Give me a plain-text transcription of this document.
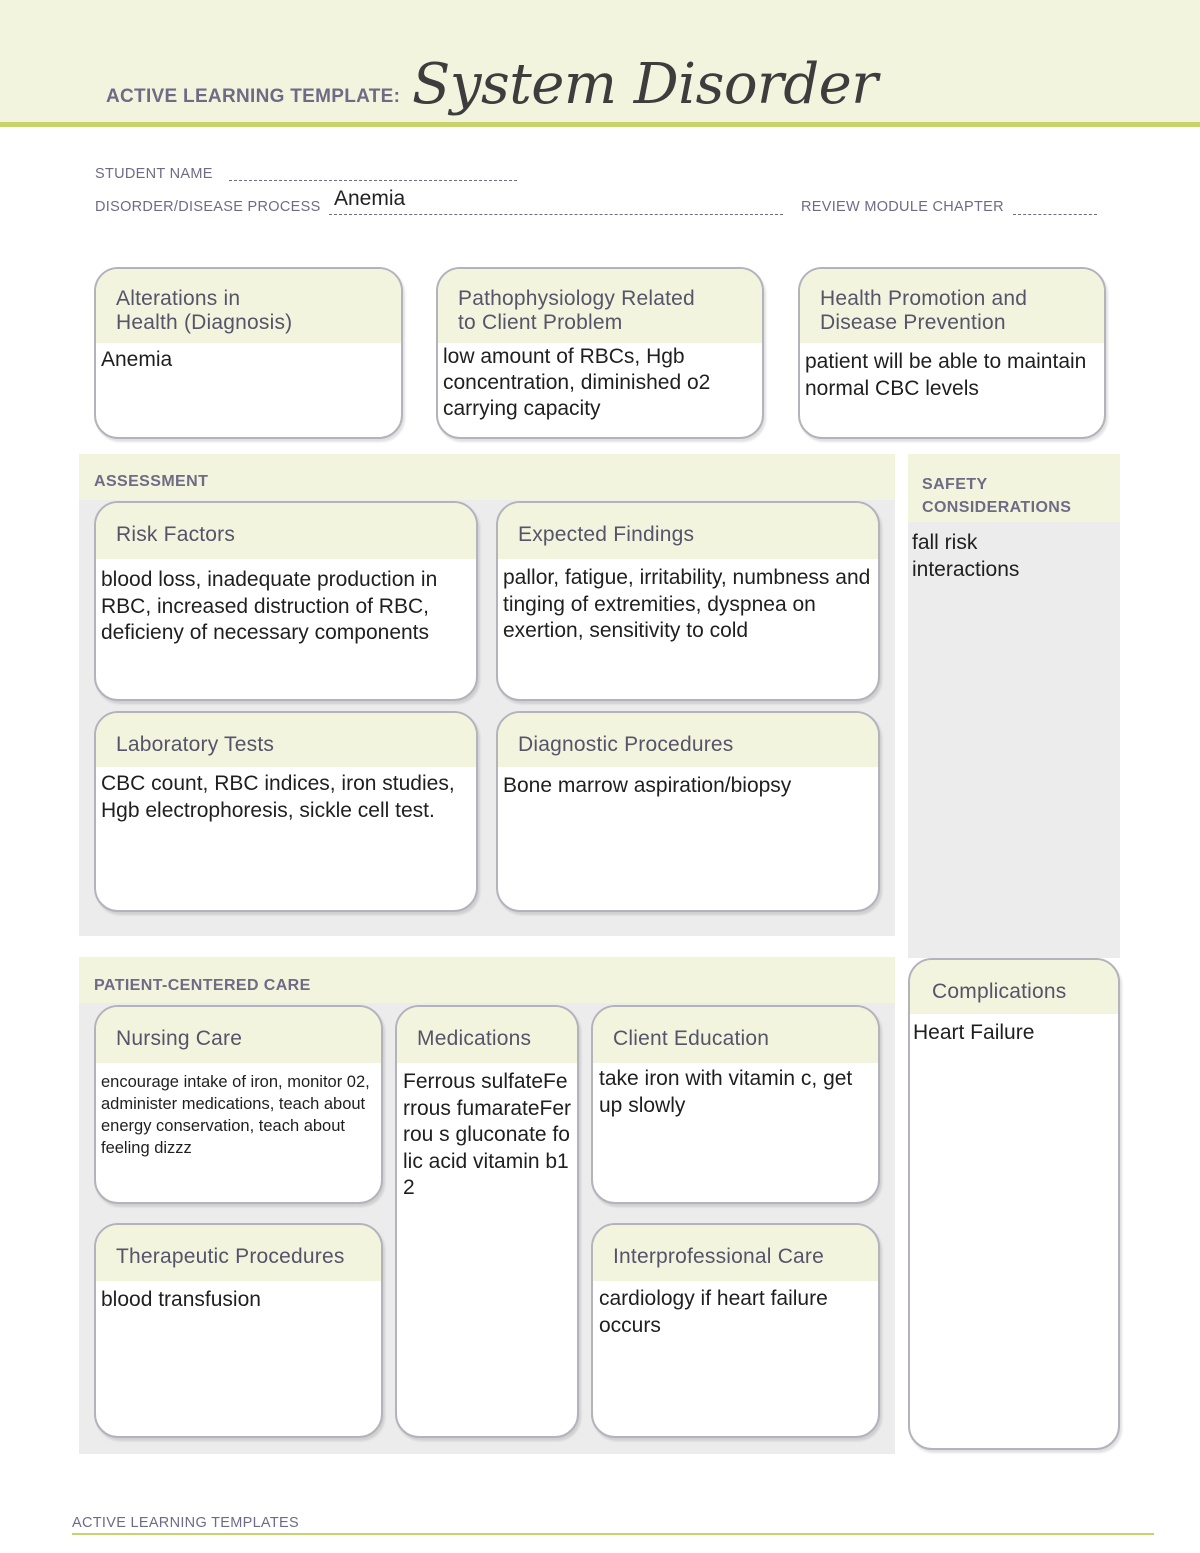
ACTIVE LEARNING TEMPLATE: System Disorder
STUDENT NAME
DISORDER/DISEASE PROCESS Anemia	REVIEW MODULE CHAPTER
Alterations in
Health (Diagnosis)
Anemia
Pathophysiology Related
to Client Problem
low amount of RBCs, Hgb concentration, diminished o2 carrying capacity
Health Promotion and
Disease Prevention
patient will be able to maintain normal CBC levels
ASSESSMENT
Risk Factors
blood loss, inadequate production in RBC, increased distruction of RBC, deficieny of necessary components
Expected Findings
pallor, fatigue, irritability, numbness and tinging of extremities, dyspnea on exertion, sensitivity to cold
Laboratory Tests
CBC count, RBC indices, iron studies, Hgb electrophoresis, sickle cell test.
Diagnostic Procedures
Bone marrow aspiration/biopsy
SAFETY
CONSIDERATIONS
fall risk
interactions
PATIENT-CENTERED CARE
Nursing Care
encourage intake of iron, monitor 02, administer medications, teach about energy conservation, teach about feeling dizzz
Medications
Ferrous sulfateFerrous fumarateFerrou s gluconate folic acid vitamin b12
Client Education
take iron with vitamin c, get up slowly
Therapeutic Procedures
blood transfusion
Interprofessional Care
cardiology if heart failure occurs
Complications
Heart Failure
ACTIVE LEARNING TEMPLATES
